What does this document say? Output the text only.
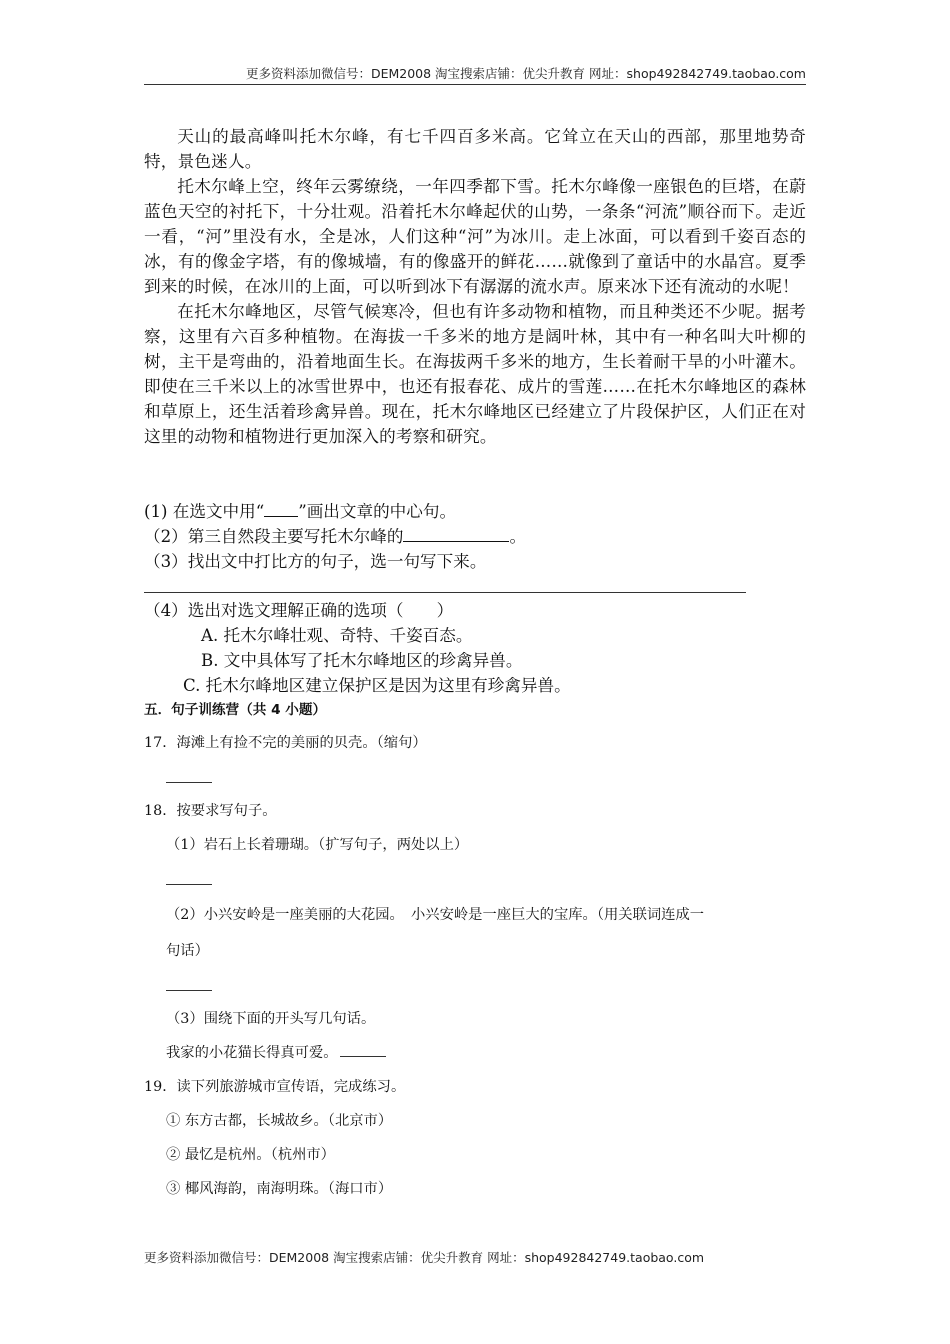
更多资料添加微信号：DEM2008 淘宝搜索店铺：优尖升教育 网址：shop492842749.taobao.com

天山的最高峰叫托木尔峰，有七千四百多米高。它耸立在天山的西部，那里地势奇特，景色迷人。

托木尔峰上空，终年云雾缭绕，一年四季都下雪。托木尔峰像一座银色的巨塔，在蔚蓝色天空的衬托下，十分壮观。沿着托木尔峰起伏的山势，一条条“河流”顺谷而下。走近一看，“河”里没有水，全是冰，人们这种“河”为冰川。走上冰面，可以看到千姿百态的冰，有的像金字塔，有的像城墙，有的像盛开的鲜花……就像到了童话中的水晶宫。夏季到来的时候，在冰川的上面，可以听到冰下有潺潺的流水声。原来冰下还有流动的水呢！

在托木尔峰地区，尽管气候寒冷，但也有许多动物和植物，而且种类还不少呢。据考察，这里有六百多种植物。在海拔一千多米的地方是阔叶林，其中有一种名叫大叶柳的树，主干是弯曲的，沿着地面生长。在海拔两千多米的地方，生长着耐干旱的小叶灌木。即使在三千米以上的冰雪世界中，也还有报春花、成片的雪莲……在托木尔峰地区的森林和草原上，还生活着珍禽异兽。现在，托木尔峰地区已经建立了片段保护区，人们正在对这里的动物和植物进行更加深入的考察和研究。

(1) 在选文中用“ ”画出文章的中心句。
（2）第三自然段主要写托木尔峰的	。
（3）找出文中打比方的句子，选一句写下来。
（4）选出对选文理解正确的选项（　　）
A. 托木尔峰壮观、奇特、千姿百态。
B. 文中具体写了托木尔峰地区的珍禽异兽。
C. 托木尔峰地区建立保护区是因为这里有珍禽异兽。
五．句子训练营（共 4 小题）
17．海滩上有捡不完的美丽的贝壳。（缩句）
18．按要求写句子。
（1）岩石上长着珊瑚。（扩写句子，两处以上）
（2）小兴安岭是一座美丽的大花园。　小兴安岭是一座巨大的宝库。（用关联词连成一
句话）
（3）围绕下面的开头写几句话。
我家的小花猫长得真可爱。
19．读下列旅游城市宣传语，完成练习。
① 东方古都，长城故乡。（北京市）
② 最忆是杭州。（杭州市）
③ 椰风海韵，南海明珠。（海口市）
更多资料添加微信号：DEM2008 淘宝搜索店铺：优尖升教育 网址：shop492842749.taobao.com
